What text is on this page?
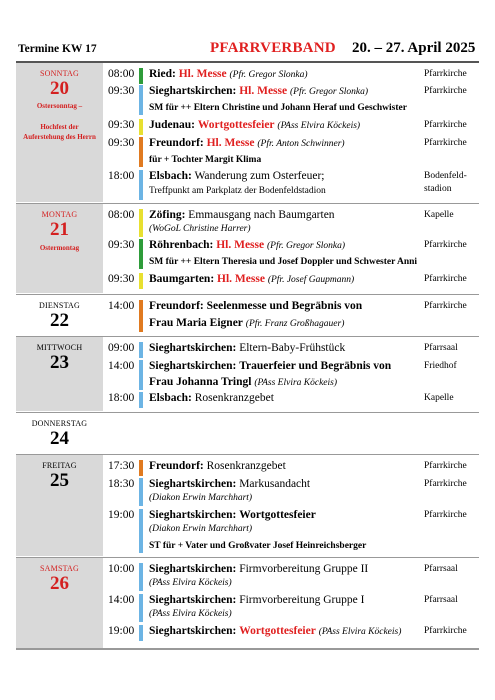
Termine KW 17	PFARRVERBAND 20. – 27. April 2025
SONNTAG
20
Ostersonntag –
Hochfest der
Auferstehung des Herrn
08:00 Ried: Hl. Messe (Pfr. Gregor Slonka)	Pfarrkirche
09:30 Sieghartskirchen: Hl. Messe (Pfr. Gregor Slonka)	Pfarrkirche
SM für ++ Eltern Christine und Johann Heraf und Geschwister
09:30 Judenau: Wortgottesfeier (PAss Elvira Köckeis)	Pfarrkirche
09:30 Freundorf: Hl. Messe (Pfr. Anton Schwinner)	Pfarrkirche
für + Tochter Margit Klima
18:00 Elsbach: Wanderung zum Osterfeuer;
Treffpunkt am Parkplatz der Bodenfeldstadion
Bodenfeld-
stadion
MONTAG
21
Ostermontag
08:00 Zöfing: Emmausgang nach Baumgarten
(WoGoL Christine Harrer)
Kapelle
09:30 Röhrenbach: Hl. Messe (Pfr. Gregor Slonka)	Pfarrkirche
SM für ++ Eltern Theresia und Josef Doppler und Schwester Anni
09:30 Baumgarten: Hl. Messe (Pfr. Josef Gaupmann)	Pfarrkirche
DIENSTAG
22
14:00 Freundorf: Seelenmesse und Begräbnis von
Frau Maria Eigner (Pfr. Franz Großhagauer)
Pfarrkirche
MITTWOCH
23
09:00 Sieghartskirchen: Eltern-Baby-Frühstück	Pfarrsaal
14:00 Sieghartskirchen: Trauerfeier und Begräbnis von
Frau Johanna Tringl (PAss Elvira Köckeis)
Friedhof
18:00 Elsbach: Rosenkranzgebet	Kapelle
DONNERSTAG
24
FREITAG
25
17:30 Freundorf: Rosenkranzgebet	Pfarrkirche
18:30 Sieghartskirchen: Markusandacht
(Diakon Erwin Marchhart)
Pfarrkirche
19:00 Sieghartskirchen: Wortgottesfeier
(Diakon Erwin Marchhart)
Pfarrkirche
ST für + Vater und Großvater Josef Heinreichsberger
SAMSTAG
26
10:00 Sieghartskirchen: Firmvorbereitung Gruppe II
(PAss Elvira Köckeis)
Pfarrsaal
14:00 Sieghartskirchen: Firmvorbereitung Gruppe I
(PAss Elvira Köckeis)
Pfarrsaal
19:00 Sieghartskirchen: Wortgottesfeier (PAss Elvira Köckeis) Pfarrkirche
